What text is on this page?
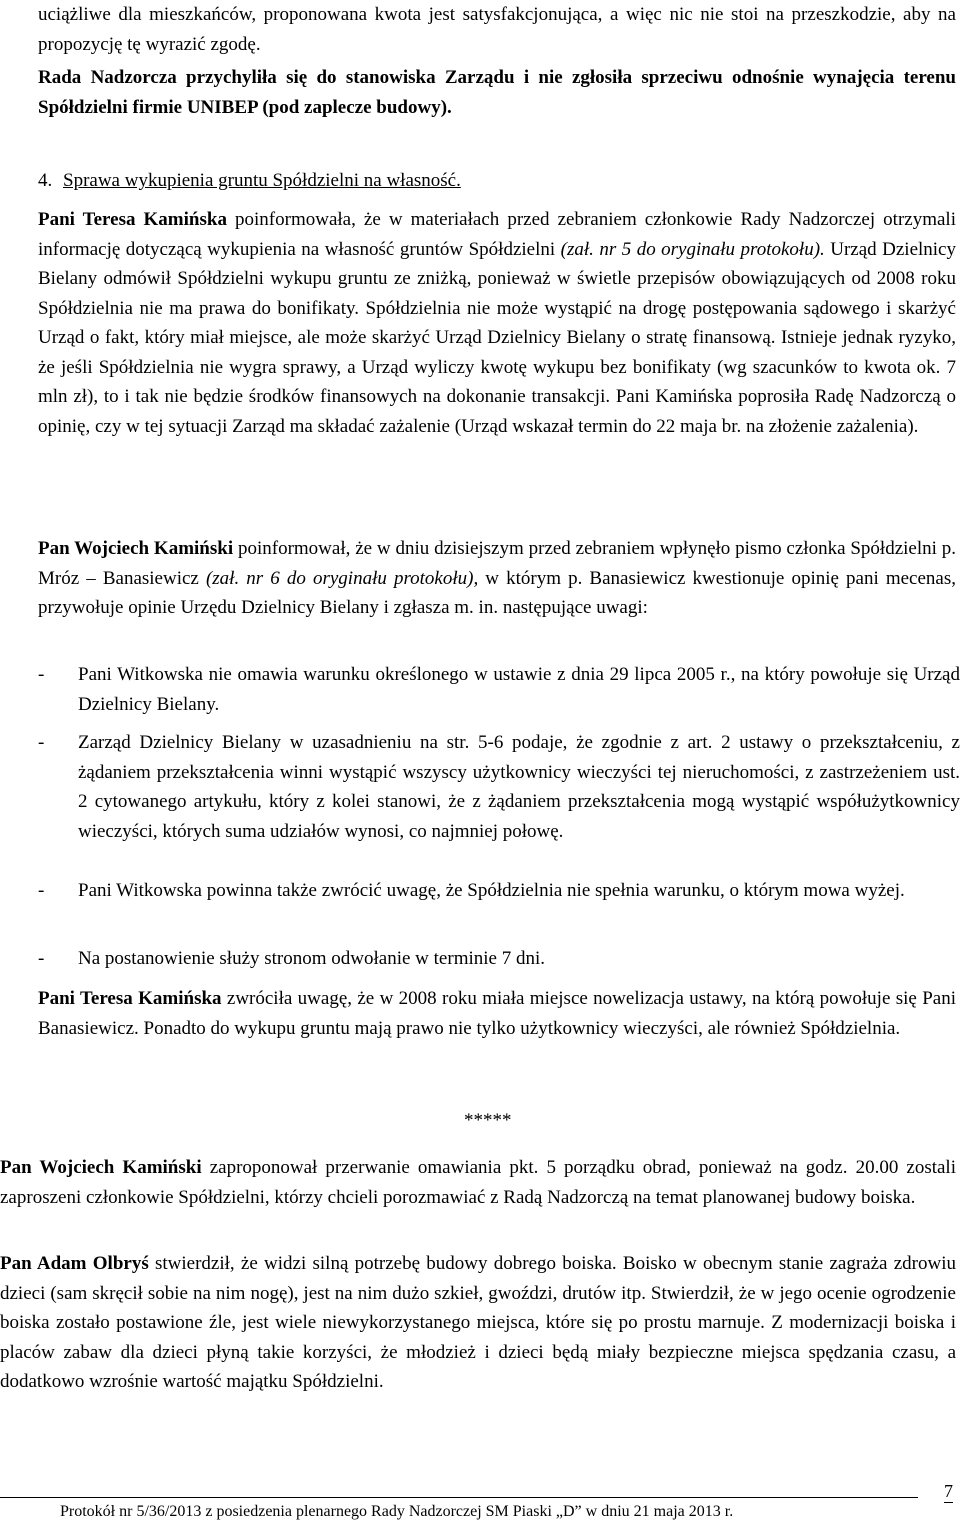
uciążliwe dla mieszkańców, proponowana kwota jest satysfakcjonująca, a więc nic nie stoi na przeszkodzie, aby na propozycję tę wyrazić zgodę.
Rada Nadzorcza przychyliła się do stanowiska Zarządu i nie zgłosiła sprzeciwu odnośnie wynajęcia terenu Spółdzielni firmie UNIBEP (pod zaplecze budowy).
4. Sprawa wykupienia gruntu Spółdzielni na własność.
Pani Teresa Kamińska poinformowała, że w materiałach przed zebraniem członkowie Rady Nadzorczej otrzymali informację dotyczącą wykupienia na własność gruntów Spółdzielni (zał. nr 5 do oryginału protokołu). Urząd Dzielnicy Bielany odmówił Spółdzielni wykupu gruntu ze zniżką, ponieważ w świetle przepisów obowiązujących od 2008 roku Spółdzielnia nie ma prawa do bonifikaty. Spółdzielnia nie może wystąpić na drogę postępowania sądowego i skarżyć Urząd o fakt, który miał miejsce, ale może skarżyć Urząd Dzielnicy Bielany o stratę finansową. Istnieje jednak ryzyko, że jeśli Spółdzielnia nie wygra sprawy, a Urząd wyliczy kwotę wykupu bez bonifikaty (wg szacunków to kwota ok. 7 mln zł), to i tak nie będzie środków finansowych na dokonanie transakcji. Pani Kamińska poprosiła Radę Nadzorczą o opinię, czy w tej sytuacji Zarząd ma składać zażalenie (Urząd wskazał termin do 22 maja br. na złożenie zażalenia).
Pan Wojciech Kamiński poinformował, że w dniu dzisiejszym przed zebraniem wpłynęło pismo członka Spółdzielni p. Mróz – Banasiewicz (zał. nr 6 do oryginału protokołu), w którym p. Banasiewicz kwestionuje opinię pani mecenas, przywołuje opinie Urzędu Dzielnicy Bielany i zgłasza m. in. następujące uwagi:
- Pani Witkowska nie omawia warunku określonego w ustawie z dnia 29 lipca 2005 r., na który powołuje się Urząd Dzielnicy Bielany.
- Zarząd Dzielnicy Bielany w uzasadnieniu na str. 5-6 podaje, że zgodnie z art. 2 ustawy o przekształceniu, z żądaniem przekształcenia winni wystąpić wszyscy użytkownicy wieczyści tej nieruchomości, z zastrzeżeniem ust. 2 cytowanego artykułu, który z kolei stanowi, że z żądaniem przekształcenia mogą wystąpić współużytkownicy wieczyści, których suma udziałów wynosi, co najmniej połowę.
- Pani Witkowska powinna także zwrócić uwagę, że Spółdzielnia nie spełnia warunku, o którym mowa wyżej.
- Na postanowienie służy stronom odwołanie w terminie 7 dni.
Pani Teresa Kamińska zwróciła uwagę, że w 2008 roku miała miejsce nowelizacja ustawy, na którą powołuje się Pani Banasiewicz. Ponadto do wykupu gruntu mają prawo nie tylko użytkownicy wieczyści, ale również Spółdzielnia.
*****
Pan Wojciech Kamiński zaproponował przerwanie omawiania pkt. 5 porządku obrad, ponieważ na godz. 20.00 zostali zaproszeni członkowie Spółdzielni, którzy chcieli porozmawiać z Radą Nadzorczą na temat planowanej budowy boiska.
Pan Adam Olbryś stwierdził, że widzi silną potrzebę budowy dobrego boiska. Boisko w obecnym stanie zagraża zdrowiu dzieci (sam skręcił sobie na nim nogę), jest na nim dużo szkieł, gwoździ, drutów itp. Stwierdził, że w jego ocenie ogrodzenie boiska zostało postawione źle, jest wiele niewykorzystanego miejsca, które się po prostu marnuje. Z modernizacji boiska i placów zabaw dla dzieci płyną takie korzyści, że młodzież i dzieci będą miały bezpieczne miejsca spędzania czasu, a dodatkowo wzrośnie wartość majątku Spółdzielni.
Protokół nr 5/36/2013 z posiedzenia plenarnego Rady Nadzorczej SM Piaski „D” w dniu 21 maja 2013 r.
7
